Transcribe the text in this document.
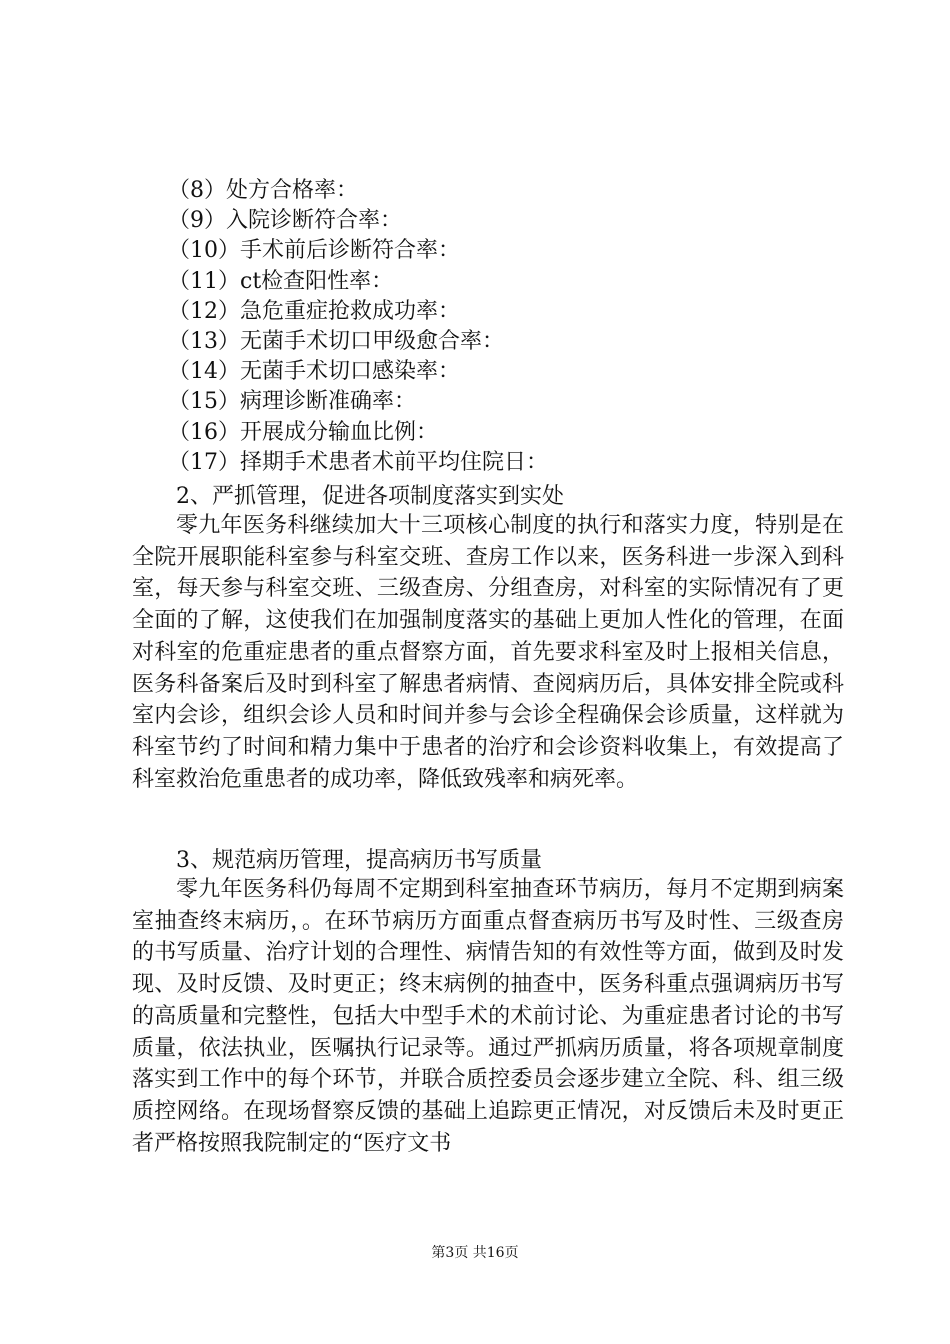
（8）处方合格率：
（9）入院诊断符合率：
（10）手术前后诊断符合率：
（11）ct检查阳性率：
（12）急危重症抢救成功率：
（13）无菌手术切口甲级愈合率：
（14）无菌手术切口感染率：
（15）病理诊断准确率：
（16）开展成分输血比例：
（17）择期手术患者术前平均住院日：
2、严抓管理，促进各项制度落实到实处

零九年医务科继续加大十三项核心制度的执行和落实力度，特别是在全院开展职能科室参与科室交班、查房工作以来，医务科进一步深入到科室，每天参与科室交班、三级查房、分组查房，对科室的实际情况有了更全面的了解，这使我们在加强制度落实的基础上更加人性化的管理，在面对科室的危重症患者的重点督察方面，首先要求科室及时上报相关信息，医务科备案后及时到科室了解患者病情、查阅病历后，具体安排全院或科室内会诊，组织会诊人员和时间并参与会诊全程确保会诊质量，这样就为科室节约了时间和精力集中于患者的治疗和会诊资料收集上，有效提高了科室救治危重患者的成功率，降低致残率和病死率。

3、规范病历管理，提高病历书写质量

零九年医务科仍每周不定期到科室抽查环节病历，每月不定期到病案室抽查终末病历，。在环节病历方面重点督查病历书写及时性、三级查房的书写质量、治疗计划的合理性、病情告知的有效性等方面，做到及时发现、及时反馈、及时更正；终末病例的抽查中，医务科重点强调病历书写的高质量和完整性，包括大中型手术的术前讨论、为重症患者讨论的书写质量，依法执业，医嘱执行记录等。通过严抓病历质量，将各项规章制度落实到工作中的每个环节，并联合质控委员会逐步建立全院、科、组三级质控网络。在现场督察反馈的基础上追踪更正情况，对反馈后未及时更正者严格按照我院制定的“医疗文书

第3页 共16页
